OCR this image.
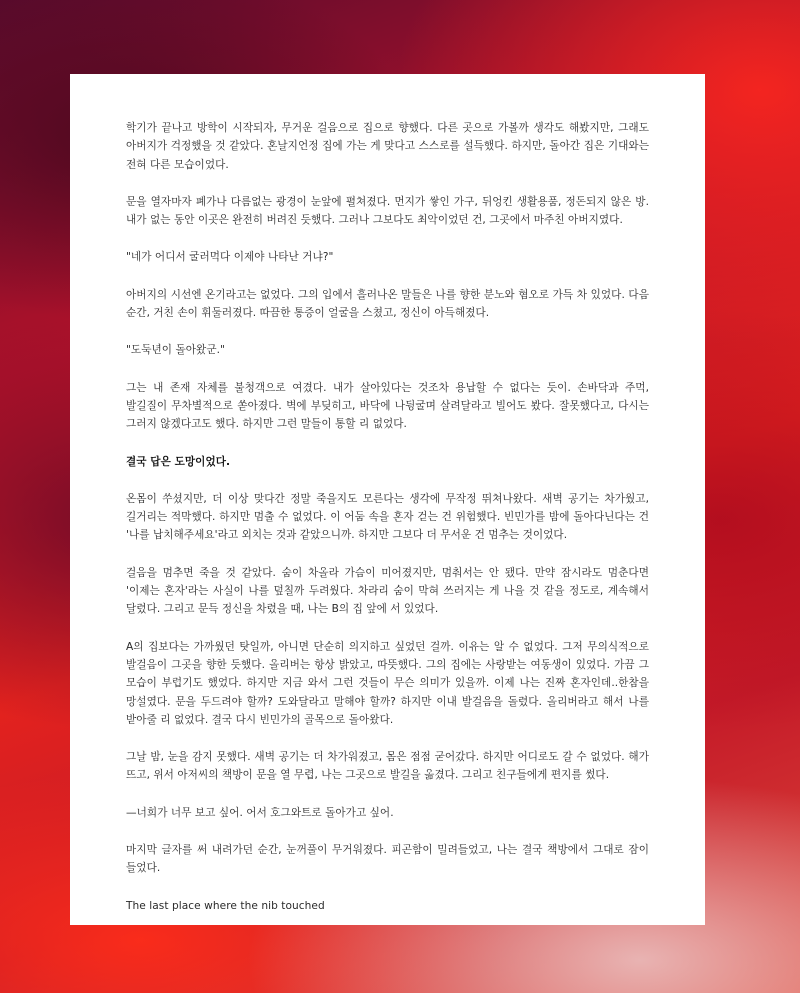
학기가 끝나고 방학이 시작되자, 무거운 걸음으로 집으로 향했다. 다른 곳으로 가볼까 생각도 해봤지만, 그래도 아버지가 걱정했을 것 같았다. 혼날지언정 집에 가는 게 맞다고 스스로를 설득했다. 하지만, 돌아간 집은 기대와는 전혀 다른 모습이었다.

문을 열자마자 폐가나 다름없는 광경이 눈앞에 펼쳐졌다. 먼지가 쌓인 가구, 뒤엉킨 생활용품, 정돈되지 않은 방. 내가 없는 동안 이곳은 완전히 버려진 듯했다. 그러나 그보다도 최악이었던 건, 그곳에서 마주친 아버지였다.

"네가 어디서 굴러먹다 이제야 나타난 거냐?"

아버지의 시선엔 온기라고는 없었다. 그의 입에서 흘러나온 말들은 나를 향한 분노와 혐오로 가득 차 있었다. 다음 순간, 거친 손이 휘둘러졌다. 따끔한 통증이 얼굴을 스쳤고, 정신이 아득해졌다.

"도둑년이 돌아왔군."

그는 내 존재 자체를 불청객으로 여겼다. 내가 살아있다는 것조차 용납할 수 없다는 듯이. 손바닥과 주먹, 발길질이 무차별적으로 쏟아졌다. 벽에 부딪히고, 바닥에 나뒹굴며 살려달라고 빌어도 봤다. 잘못했다고, 다시는 그러지 않겠다고도 했다. 하지만 그런 말들이 통할 리 없었다.

결국 답은 도망이었다.

온몸이 쑤셨지만, 더 이상 맞다간 정말 죽을지도 모른다는 생각에 무작정 뛰쳐나왔다. 새벽 공기는 차가웠고, 길거리는 적막했다. 하지만 멈출 수 없었다. 이 어둠 속을 혼자 걷는 건 위험했다. 빈민가를 밤에 돌아다닌다는 건 '나를 납치해주세요'라고 외치는 것과 같았으니까. 하지만 그보다 더 무서운 건 멈추는 것이었다.

걸음을 멈추면 죽을 것 같았다. 숨이 차올라 가슴이 미어졌지만, 멈춰서는 안 됐다. 만약 잠시라도 멈춘다면 '이제는 혼자'라는 사실이 나를 덮칠까 두려웠다. 차라리 숨이 막혀 쓰러지는 게 나을 것 같을 정도로, 계속해서 달렸다. 그리고 문득 정신을 차렸을 때, 나는 B의 집 앞에 서 있었다.

A의 집보다는 가까웠던 탓일까, 아니면 단순히 의지하고 싶었던 걸까. 이유는 알 수 없었다. 그저 무의식적으로 발걸음이 그곳을 향한 듯했다. 올리버는 항상 밝았고, 따뜻했다. 그의 집에는 사랑받는 여동생이 있었다. 가끔 그 모습이 부럽기도 했었다. 하지만 지금 와서 그런 것들이 무슨 의미가 있을까. 이제 나는 진짜 혼자인데..한참을 망설였다. 문을 두드려야 할까? 도와달라고 말해야 할까? 하지만 이내 발걸음을 돌렸다. 올리버라고 해서 나를 받아줄 리 없었다. 결국 다시 빈민가의 골목으로 돌아왔다.

그날 밤, 눈을 감지 못했다. 새벽 공기는 더 차가워졌고, 몸은 점점 굳어갔다. 하지만 어디로도 갈 수 없었다. 해가 뜨고, 위서 아저씨의 책방이 문을 열 무렵, 나는 그곳으로 발길을 옮겼다. 그리고 친구들에게 편지를 썼다.

—너희가 너무 보고 싶어. 어서 호그와트로 돌아가고 싶어.

마지막 글자를 써 내려가던 순간, 눈꺼풀이 무거워졌다. 피곤함이 밀려들었고, 나는 결국 책방에서 그대로 잠이 들었다.

The last place where the nib touched
